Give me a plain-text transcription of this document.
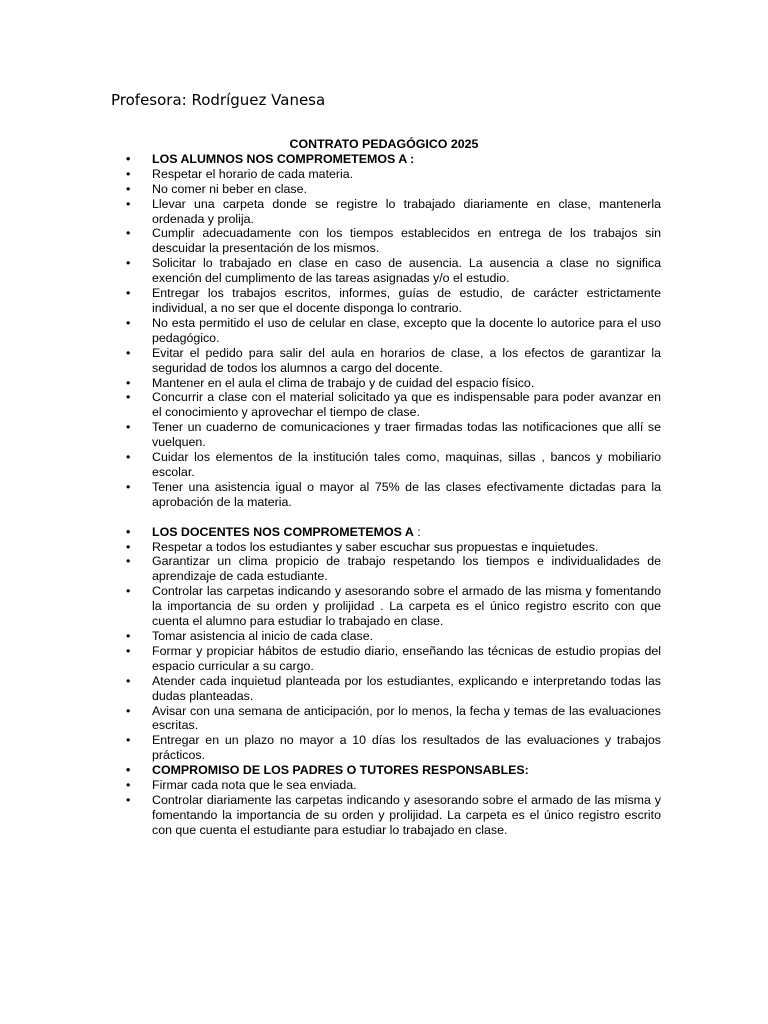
Profesora: Rodríguez Vanesa
CONTRATO PEDAGÓGICO 2025
• LOS ALUMNOS NOS COMPROMETEMOS A :
• Respetar el horario de cada materia.
• No comer ni beber en clase.
• Llevar una carpeta donde se registre lo trabajado diariamente en clase, mantenerla ordenada y prolija.
• Cumplir adecuadamente con los tiempos establecidos en entrega de los trabajos sin descuidar la presentación de los mismos.
• Solicitar lo trabajado en clase en caso de ausencia. La ausencia a clase no significa exención del cumplimento de las tareas asignadas y/o el estudio.
• Entregar los trabajos escritos, informes, guías de estudio, de carácter estrictamente individual, a no ser que el docente disponga lo contrario.
• No esta permitido el uso de celular en clase, excepto que la docente lo autorice para el uso pedagógico.
• Evitar el pedido para salir del aula en horarios de clase, a los efectos de garantizar la seguridad de todos los alumnos a cargo del docente.
• Mantener en el aula el clima de trabajo y de cuidad del espacio físico.
• Concurrir a clase con el material solicitado ya que es indispensable para poder avanzar en el conocimiento y aprovechar el tiempo de clase.
• Tener un cuaderno de comunicaciones y traer firmadas todas las notificaciones que allí se vuelquen.
• Cuidar los elementos de la institución tales como, maquinas, sillas , bancos y mobiliario escolar.
• Tener una asistencia igual o mayor al 75% de las clases efectivamente dictadas para la aprobación de la materia.
• LOS DOCENTES NOS COMPROMETEMOS A :
• Respetar a todos los estudiantes y saber escuchar sus propuestas e inquietudes.
• Garantizar un clima propicio de trabajo respetando los tiempos e individualidades de aprendizaje de cada estudiante.
• Controlar las carpetas indicando y asesorando sobre el armado de las misma y fomentando la importancia de su orden y prolijidad . La carpeta es el único registro escrito con que cuenta el alumno para estudiar lo trabajado en clase.
• Tomar asistencia al inicio de cada clase.
• Formar y propiciar hábitos de estudio diario, enseñando las técnicas de estudio propias del espacio curricular a su cargo.
• Atender cada inquietud planteada por los estudiantes, explicando e interpretando todas las dudas planteadas.
• Avisar con una semana de anticipación, por lo menos, la fecha y temas de las evaluaciones escritas.
• Entregar en un plazo no mayor a 10 días los resultados de las evaluaciones y trabajos prácticos.
• COMPROMISO DE LOS PADRES O TUTORES RESPONSABLES:
• Firmar cada nota que le sea enviada.
• Controlar diariamente las carpetas indicando y asesorando sobre el armado de las misma y fomentando la importancia de su orden y prolijidad. La carpeta es el único registro escrito con que cuenta el estudiante para estudiar lo trabajado en clase.
